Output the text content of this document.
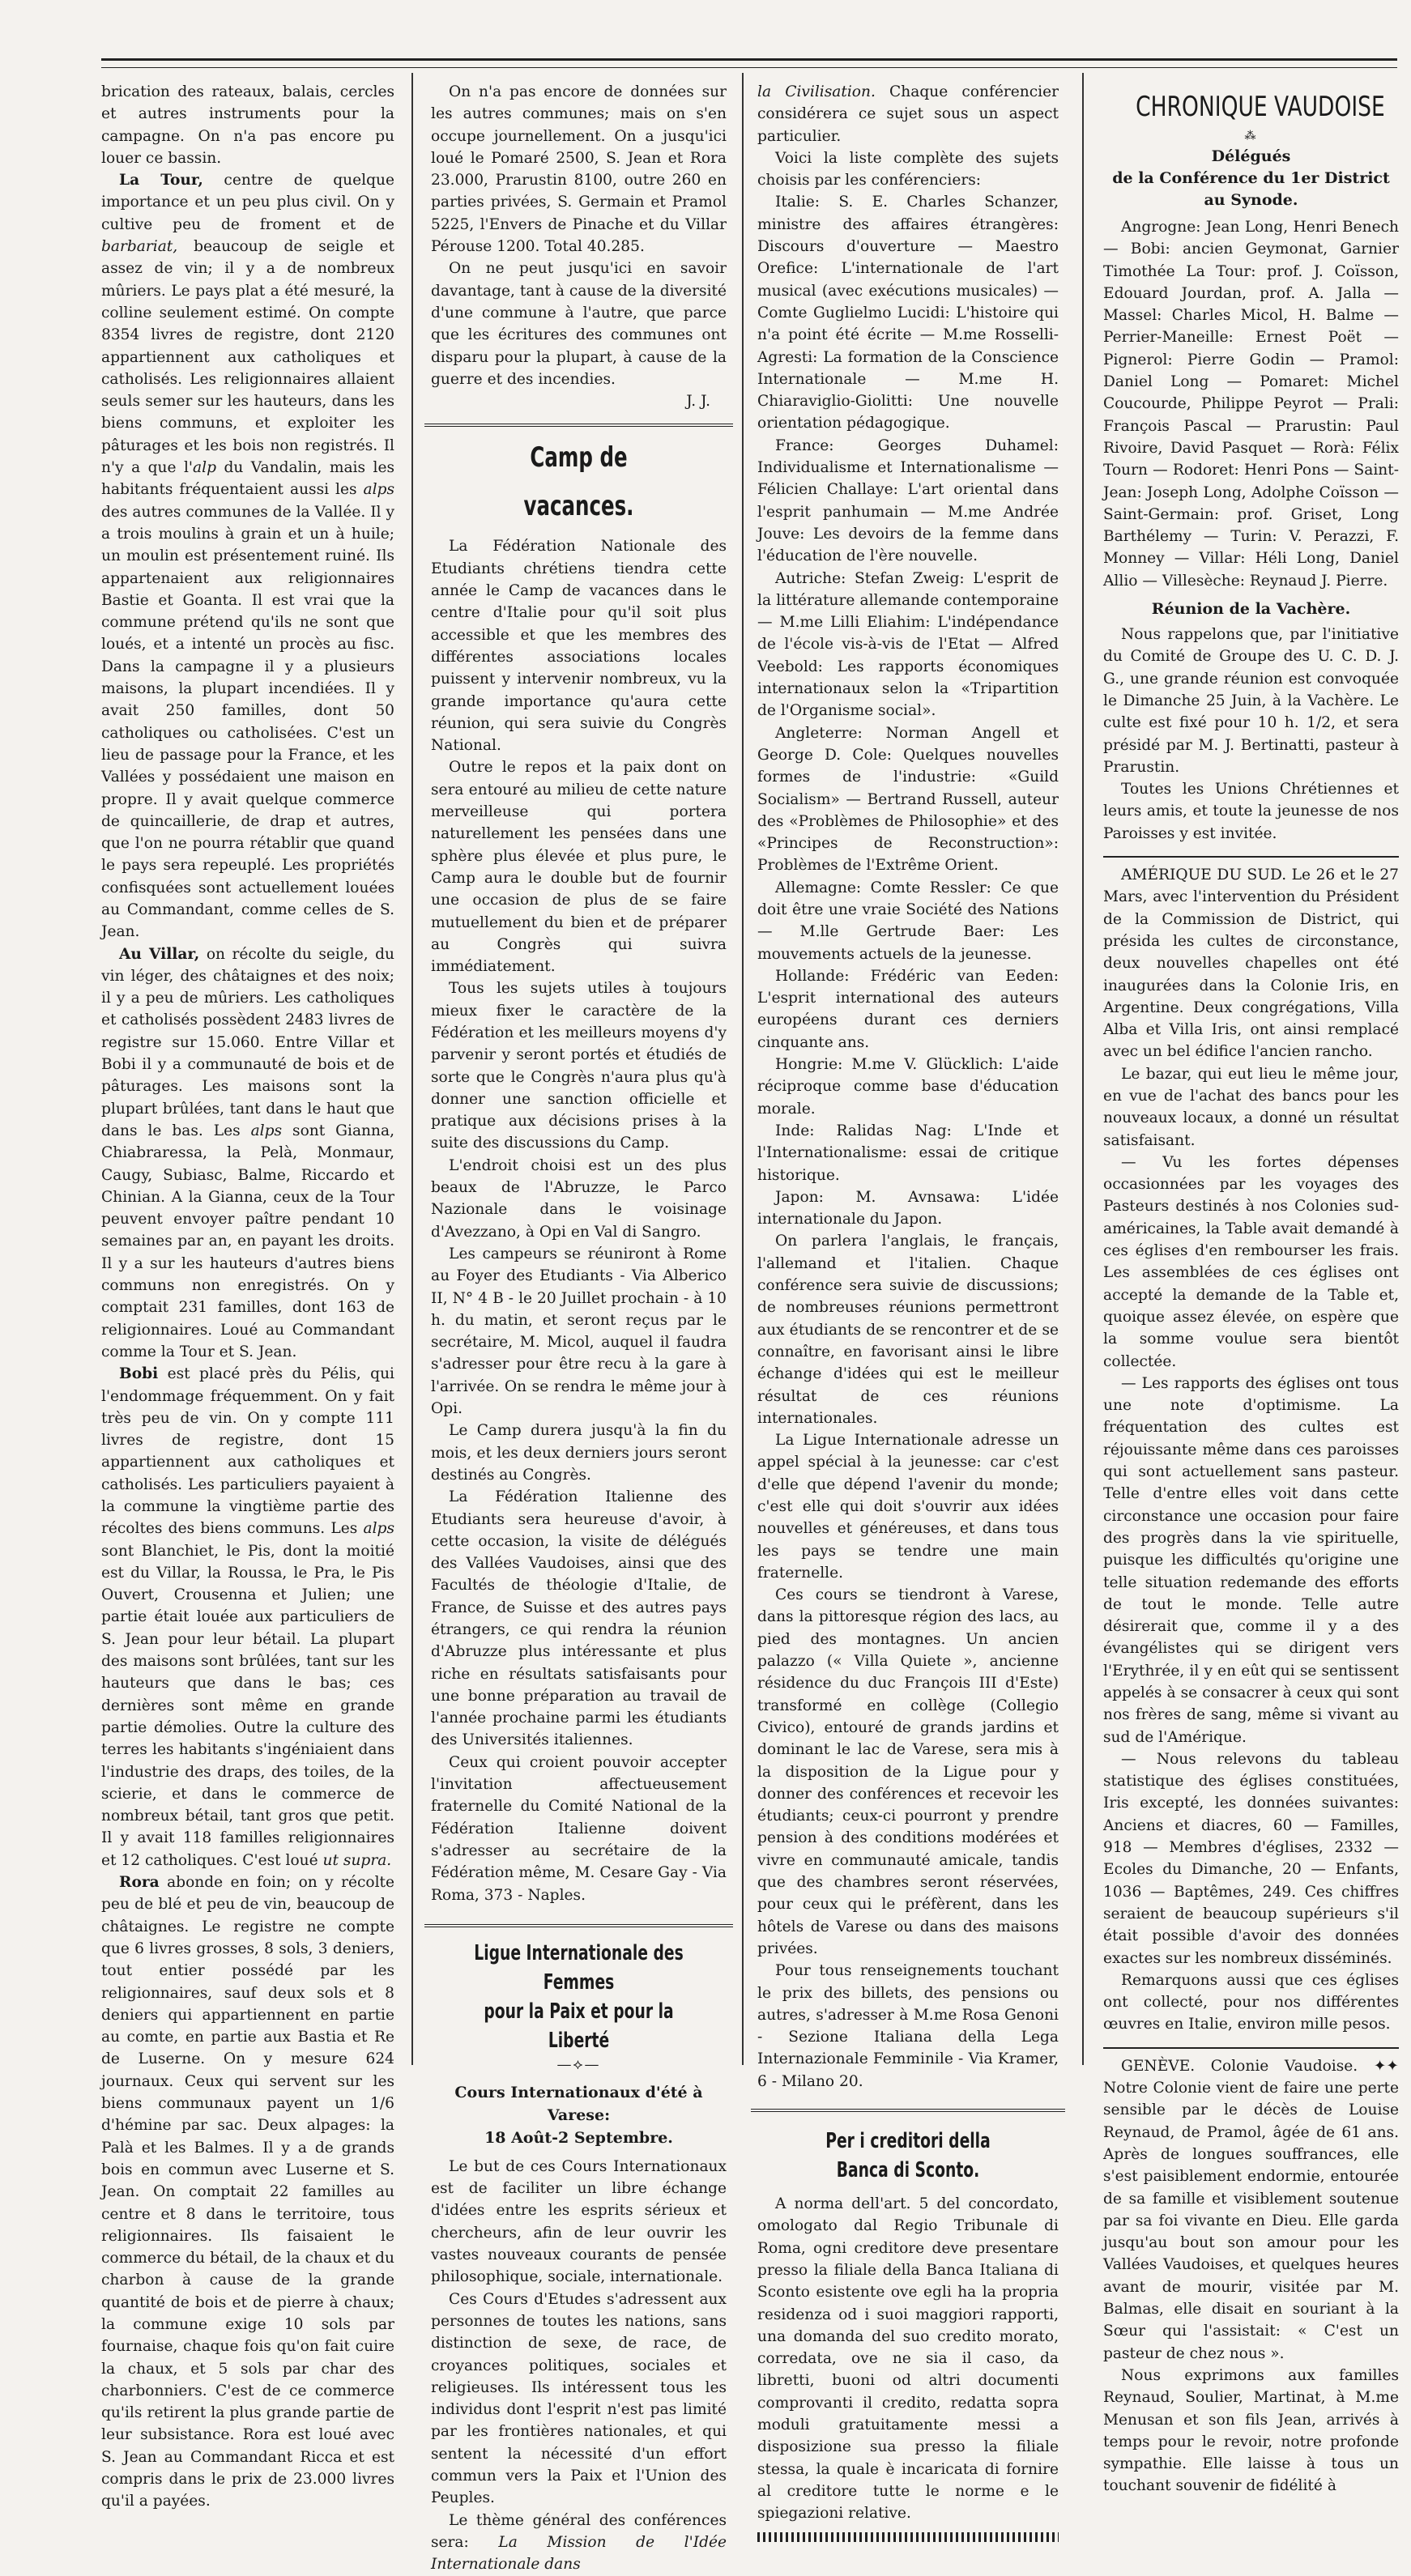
brication des rateaux, balais, cercles et autres instruments pour la campagne. On n'a pas encore pu louer ce bassin.

La Tour, centre de quelque importance et un peu plus civil. On y cultive peu de froment et de barbariat, beaucoup de seigle et assez de vin; il y a de nombreux mûriers. Le pays plat a été mesuré, la colline seulement estimé. On compte 8354 livres de registre, dont 2120 appartiennent aux catholiques et catholisés. Les religionnaires allaient seuls semer sur les hauteurs, dans les biens communs, et exploiter les pâturages et les bois non registrés. Il n'y a que l'alp du Vandalin, mais les habitants fréquentaient aussi les alps des autres communes de la Vallée. Il y a trois moulins à grain et un à huile; un moulin est présentement ruiné. Ils appartenaient aux religionnaires Bastie et Goanta. Il est vrai que la commune prétend qu'ils ne sont que loués, et a intenté un procès au fisc. Dans la campagne il y a plusieurs maisons, la plupart incendiées. Il y avait 250 familles, dont 50 catholiques ou catholisées. C'est un lieu de passage pour la France, et les Vallées y possédaient une maison en propre. Il y avait quelque commerce de quincaillerie, de drap et autres, que l'on ne pourra rétablir que quand le pays sera repeuplé. Les propriétés confisquées sont actuellement louées au Commandant, comme celles de S. Jean.

Au Villar, on récolte du seigle, du vin léger, des châtaignes et des noix; il y a peu de mûriers. Les catholiques et catholisés possèdent 2483 livres de registre sur 15.060. Entre Villar et Bobi il y a communauté de bois et de pâturages. Les maisons sont la plupart brûlées, tant dans le haut que dans le bas. Les alps sont Gianna, Chiabraressa, la Pelà, Monmaur, Caugy, Subiasc, Balme, Riccardo et Chinian. A la Gianna, ceux de la Tour peuvent envoyer paître pendant 10 semaines par an, en payant les droits. Il y a sur les hauteurs d'autres biens communs non enregistrés. On y comptait 231 familles, dont 163 de religionnaires. Loué au Commandant comme la Tour et S. Jean.

Bobi est placé près du Pélis, qui l'endommage fréquemment. On y fait très peu de vin. On y compte 111 livres de registre, dont 15 appartiennent aux catholiques et catholisés. Les particuliers payaient à la commune la vingtième partie des récoltes des biens communs. Les alps sont Blanchiet, le Pis, dont la moitié est du Villar, la Roussa, le Pra, le Pis Ouvert, Crousenna et Julien; une partie était louée aux particuliers de S. Jean pour leur bétail. La plupart des maisons sont brûlées, tant sur les hauteurs que dans le bas; ces dernières sont même en grande partie démolies. Outre la culture des terres les habitants s'ingéniaient dans l'industrie des draps, des toiles, de la scierie, et dans le commerce de nombreux bétail, tant gros que petit. Il y avait 118 familles religionnaires et 12 catholiques. C'est loué ut supra.

Rora abonde en foin; on y récolte peu de blé et peu de vin, beaucoup de châtaignes. Le registre ne compte que 6 livres grosses, 8 sols, 3 deniers, tout entier possédé par les religionnaires, sauf deux sols et 8 deniers qui appartiennent en partie au comte, en partie aux Bastia et Re de Luserne. On y mesure 624 journaux. Ceux qui servent sur les biens communaux payent un 1/6 d'hémine par sac. Deux alpages: la Palà et les Balmes. Il y a de grands bois en commun avec Luserne et S. Jean. On comptait 22 familles au centre et 8 dans le territoire, tous religionnaires. Ils faisaient le commerce du bétail, de la chaux et du charbon à cause de la grande quantité de bois et de pierre à chaux; la commune exige 10 sols par fournaise, chaque fois qu'on fait cuire la chaux, et 5 sols par char des charbonniers. C'est de ce commerce qu'ils retirent la plus grande partie de leur subsistance. Rora est loué avec S. Jean au Commandant Ricca et est compris dans le prix de 23.000 livres qu'il a payées.

On n'a pas encore de données sur les autres communes; mais on s'en occupe journellement. On a jusqu'ici loué le Pomaré 2500, S. Jean et Rora 23.000, Prarustin 8100, outre 260 en parties privées, S. Germain et Pramol 5225, l'Envers de Pinache et du Villar Pérouse 1200. Total 40.285.

On ne peut jusqu'ici en savoir davantage, tant à cause de la diversité d'une commune à l'autre, que parce que les écritures des communes ont disparu pour la plupart, à cause de la guerre et des incendies.

J. J.
Camp de vacances.

La Fédération Nationale des Etudiants chrétiens tiendra cette année le Camp de vacances dans le centre d'Italie pour qu'il soit plus accessible et que les membres des différentes associations locales puissent y intervenir nombreux, vu la grande importance qu'aura cette réunion, qui sera suivie du Congrès National.

Outre le repos et la paix dont on sera entouré au milieu de cette nature merveilleuse qui portera naturellement les pensées dans une sphère plus élevée et plus pure, le Camp aura le double but de fournir une occasion de plus de se faire mutuellement du bien et de préparer au Congrès qui suivra immédiatement.

Tous les sujets utiles à toujours mieux fixer le caractère de la Fédération et les meilleurs moyens d'y parvenir y seront portés et étudiés de sorte que le Congrès n'aura plus qu'à donner une sanction officielle et pratique aux décisions prises à la suite des discussions du Camp.

L'endroit choisi est un des plus beaux de l'Abruzze, le Parco Nazionale dans le voisinage d'Avezzano, à Opi en Val di Sangro.

Les campeurs se réuniront à Rome au Foyer des Etudiants - Via Alberico II, N° 4 B - le 20 Juillet prochain - à 10 h. du matin, et seront reçus par le secrétaire, M. Micol, auquel il faudra s'adresser pour être recu à la gare à l'arrivée. On se rendra le même jour à Opi.

Le Camp durera jusqu'à la fin du mois, et les deux derniers jours seront destinés au Congrès.

La Fédération Italienne des Etudiants sera heureuse d'avoir, à cette occasion, la visite de délégués des Vallées Vaudoises, ainsi que des Facultés de théologie d'Italie, de France, de Suisse et des autres pays étrangers, ce qui rendra la réunion d'Abruzze plus intéressante et plus riche en résultats satisfaisants pour une bonne préparation au travail de l'année prochaine parmi les étudiants des Universités italiennes.

Ceux qui croient pouvoir accepter l'invitation affectueusement fraternelle du Comité National de la Fédération Italienne doivent s'adresser au secrétaire de la Fédération même, M. Cesare Gay - Via Roma, 373 - Naples.

Ligue Internationale des Femmes
pour la Paix et pour la Liberté
—⟡—
Cours Internationaux d'été à Varese:
18 Août-2 Septembre.

Le but de ces Cours Internationaux est de faciliter un libre échange d'idées entre les esprits sérieux et chercheurs, afin de leur ouvrir les vastes nouveaux courants de pensée philosophique, sociale, internationale.

Ces Cours d'Etudes s'adressent aux personnes de toutes les nations, sans distinction de sexe, de race, de croyances politiques, sociales et religieuses. Ils intéressent tous les individus dont l'esprit n'est pas limité par les frontières nationales, et qui sentent la nécessité d'un effort commun vers la Paix et l'Union des Peuples.

Le thème général des conférences sera: La Mission de l'Idée Internationale dans

la Civilisation. Chaque conférencier considérera ce sujet sous un aspect particulier.

Voici la liste complète des sujets choisis par les conférenciers:

Italie: S. E. Charles Schanzer, ministre des affaires étrangères: Discours d'ouverture — Maestro Orefice: L'internationale de l'art musical (avec exécutions musicales) — Comte Guglielmo Lucidi: L'histoire qui n'a point été écrite — M.me Rosselli-Agresti: La formation de la Conscience Internationale — M.me H. Chiaraviglio-Giolitti: Une nouvelle orientation pédagogique.

France: Georges Duhamel: Individualisme et Internationalisme — Félicien Challaye: L'art oriental dans l'esprit panhumain — M.me Andrée Jouve: Les devoirs de la femme dans l'éducation de l'ère nouvelle.

Autriche: Stefan Zweig: L'esprit de la littérature allemande contemporaine — M.me Lilli Eliahim: L'indépendance de l'école vis-à-vis de l'Etat — Alfred Veebold: Les rapports économiques internationaux selon la «Tripartition de l'Organisme social».

Angleterre: Norman Angell et George D. Cole: Quelques nouvelles formes de l'industrie: «Guild Socialism» — Bertrand Russell, auteur des «Problèmes de Philosophie» et des «Principes de Reconstruction»: Problèmes de l'Extrême Orient.

Allemagne: Comte Ressler: Ce que doit être une vraie Société des Nations — M.lle Gertrude Baer: Les mouvements actuels de la jeunesse.

Hollande: Frédéric van Eeden: L'esprit international des auteurs européens durant ces derniers cinquante ans.

Hongrie: M.me V. Glücklich: L'aide réciproque comme base d'éducation morale.

Inde: Ralidas Nag: L'Inde et l'Internationalisme: essai de critique historique.

Japon: M. Avnsawa: L'idée internationale du Japon.

On parlera l'anglais, le français, l'allemand et l'italien. Chaque conférence sera suivie de discussions; de nombreuses réunions permettront aux étudiants de se rencontrer et de se connaître, en favorisant ainsi le libre échange d'idées qui est le meilleur résultat de ces réunions internationales.

La Ligue Internationale adresse un appel spécial à la jeunesse: car c'est d'elle que dépend l'avenir du monde; c'est elle qui doit s'ouvrir aux idées nouvelles et généreuses, et dans tous les pays se tendre une main fraternelle.

Ces cours se tiendront à Varese, dans la pittoresque région des lacs, au pied des montagnes. Un ancien palazzo (« Villa Quiete », ancienne résidence du duc François III d'Este) transformé en collège (Collegio Civico), entouré de grands jardins et dominant le lac de Varese, sera mis à la disposition de la Ligue pour y donner des conférences et recevoir les étudiants; ceux-ci pourront y prendre pension à des conditions modérées et vivre en communauté amicale, tandis que des chambres seront réservées, pour ceux qui le préfèrent, dans les hôtels de Varese ou dans des maisons privées.

Pour tous renseignements touchant le prix des billets, des pensions ou autres, s'adresser à M.me Rosa Genoni - Sezione Italiana della Lega Internazionale Femminile - Via Kramer, 6 - Milano 20.

Per i creditori della Banca di Sconto.

A norma dell'art. 5 del concordato, omologato dal Regio Tribunale di Roma, ogni creditore deve presentare presso la filiale della Banca Italiana di Sconto esistente ove egli ha la propria residenza od i suoi maggiori rapporti, una domanda del suo credito morato, corredata, ove ne sia il caso, da libretti, buoni od altri documenti comprovanti il credito, redatta sopra moduli gratuitamente messi a disposizione sua presso la filiale stessa, la quale è incaricata di fornire al creditore tutte le norme e le spiegazioni relative.

CHRONIQUE VAUDOISE
⁂
Délégués
de la Conférence du 1er District
au Synode.

Angrogne: Jean Long, Henri Benech — Bobi: ancien Geymonat, Garnier Timothée La Tour: prof. J. Coïsson, Edouard Jourdan, prof. A. Jalla — Massel: Charles Micol, H. Balme — Perrier-Maneille: Ernest Poët — Pignerol: Pierre Godin — Pramol: Daniel Long — Pomaret: Michel Coucourde, Philippe Peyrot — Prali: François Pascal — Prarustin: Paul Rivoire, David Pasquet — Rorà: Félix Tourn — Rodoret: Henri Pons — Saint-Jean: Joseph Long, Adolphe Coïsson — Saint-Germain: prof. Griset, Long Barthélemy — Turin: V. Perazzi, F. Monney — Villar: Héli Long, Daniel Allio — Villesèche: Reynaud J. Pierre.

Réunion de la Vachère.

Nous rappelons que, par l'initiative du Comité de Groupe des U. C. D. J. G., une grande réunion est convoquée le Dimanche 25 Juin, à la Vachère. Le culte est fixé pour 10 h. 1/2, et sera présidé par M. J. Bertinatti, pasteur à Prarustin.

Toutes les Unions Chrétiennes et leurs amis, et toute la jeunesse de nos Paroisses y est invitée.

AMÉRIQUE DU SUD. Le 26 et le 27 Mars, avec l'intervention du Président de la Commission de District, qui présida les cultes de circonstance, deux nouvelles chapelles ont été inaugurées dans la Colonie Iris, en Argentine. Deux congrégations, Villa Alba et Villa Iris, ont ainsi remplacé avec un bel édifice l'ancien rancho.

Le bazar, qui eut lieu le même jour, en vue de l'achat des bancs pour les nouveaux locaux, a donné un résultat satisfaisant.

— Vu les fortes dépenses occasionnées par les voyages des Pasteurs destinés à nos Colonies sud-américaines, la Table avait demandé à ces églises d'en rembourser les frais. Les assemblées de ces églises ont accepté la demande de la Table et, quoique assez élevée, on espère que la somme voulue sera bientôt collectée.

— Les rapports des églises ont tous une note d'optimisme. La fréquentation des cultes est réjouissante même dans ces paroisses qui sont actuellement sans pasteur. Telle d'entre elles voit dans cette circonstance une occasion pour faire des progrès dans la vie spirituelle, puisque les difficultés qu'origine une telle situation redemande des efforts de tout le monde. Telle autre désirerait que, comme il y a des évangélistes qui se dirigent vers l'Erythrée, il y en eût qui se sentissent appelés à se consacrer à ceux qui sont nos frères de sang, même si vivant au sud de l'Amérique.

— Nous relevons du tableau statistique des églises constituées, Iris excepté, les données suivantes: Anciens et diacres, 60 — Familles, 918 — Membres d'églises, 2332 — Ecoles du Dimanche, 20 — Enfants, 1036 — Baptêmes, 249. Ces chiffres seraient de beaucoup supérieurs s'il était possible d'avoir des données exactes sur les nombreux disséminés.

Remarquons aussi que ces églises ont collecté, pour nos différentes œuvres en Italie, environ mille pesos.

GENÈVE. Colonie Vaudoise. ✦✦ Notre Colonie vient de faire une perte sensible par le décès de Louise Reynaud, de Pramol, âgée de 61 ans. Après de longues souffrances, elle s'est paisiblement endormie, entourée de sa famille et visiblement soutenue par sa foi vivante en Dieu. Elle garda jusqu'au bout son amour pour les Vallées Vaudoises, et quelques heures avant de mourir, visitée par M. Balmas, elle disait en souriant à la Sœur qui l'assistait: « C'est un pasteur de chez nous ».

Nous exprimons aux familles Reynaud, Soulier, Martinat, à M.me Menusan et son fils Jean, arrivés à temps pour le revoir, notre profonde sympathie. Elle laisse à tous un touchant souvenir de fidélité à
